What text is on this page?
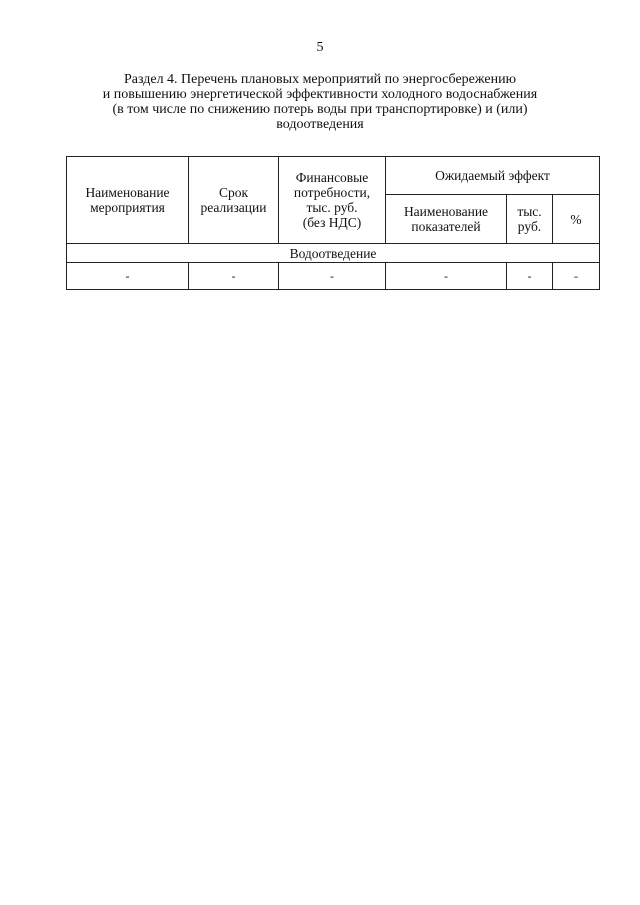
5
Раздел 4. Перечень плановых мероприятий по энергосбережению
и повышению энергетической эффективности холодного водоснабжения
(в том числе по снижению потерь воды при транспортировке) и (или)
водоотведения
Наименование мероприятия	Срок реализации	Финансовые
потребности,
тыс. руб.
(без НДС)	Ожидаемый эффект		
			Наименование показателей	тыс. руб.	%
Водоотведение					
-	-	-	-	-	-
